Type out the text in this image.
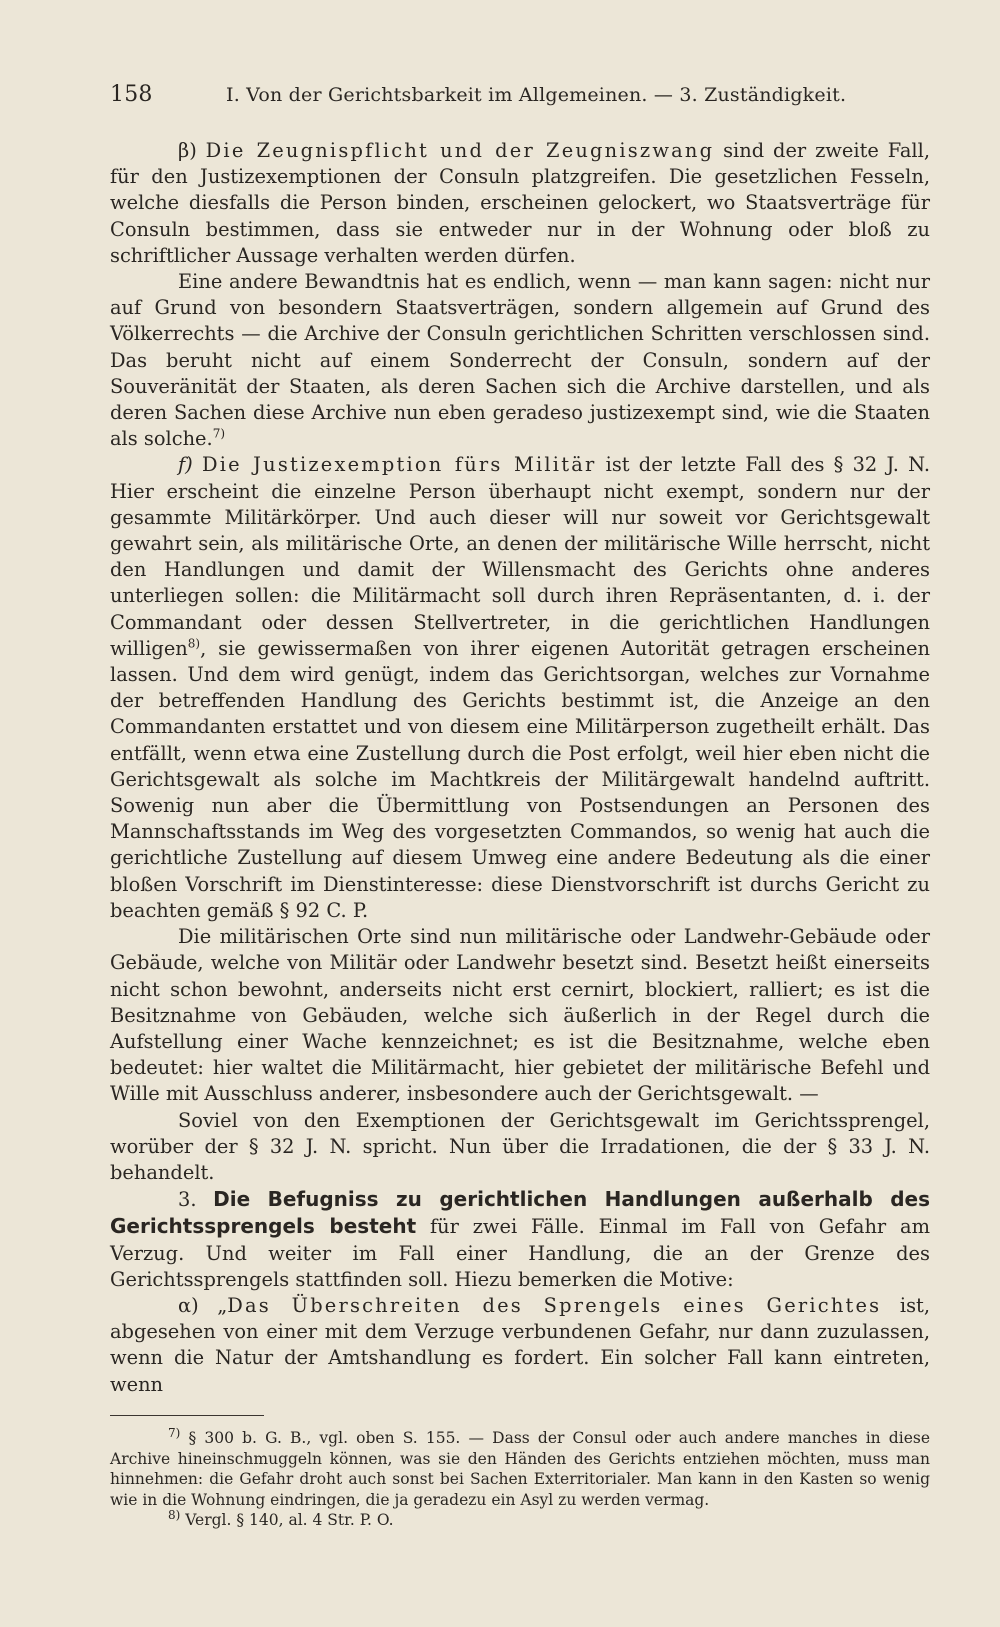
158	I. Von der Gerichtsbarkeit im Allgemeinen. — 3. Zuständigkeit.

β) Die Zeugnispflicht und der Zeugniszwang sind der zweite Fall, für den Justizexemptionen der Consuln platzgreifen. Die gesetzlichen Fesseln, welche diesfalls die Person binden, erscheinen gelockert, wo Staatsverträge für Consuln bestimmen, dass sie entweder nur in der Wohnung oder bloß zu schriftlicher Aussage verhalten werden dürfen.

Eine andere Bewandtnis hat es endlich, wenn — man kann sagen: nicht nur auf Grund von besondern Staatsverträgen, sondern allgemein auf Grund des Völkerrechts — die Archive der Consuln gerichtlichen Schritten verschlossen sind. Das beruht nicht auf einem Sonderrecht der Consuln, sondern auf der Souveränität der Staaten, als deren Sachen sich die Archive darstellen, und als deren Sachen diese Archive nun eben geradeso justizexempt sind, wie die Staaten als solche.$^{7)}$

f) Die Justizexemption fürs Militär ist der letzte Fall des § 32 J. N. Hier erscheint die einzelne Person überhaupt nicht exempt, sondern nur der gesammte Militärkörper. Und auch dieser will nur soweit vor Gerichtsgewalt gewahrt sein, als militärische Orte, an denen der militärische Wille herrscht, nicht den Handlungen und damit der Willensmacht des Gerichts ohne anderes unterliegen sollen: die Militärmacht soll durch ihren Repräsentanten, d. i. der Commandant oder dessen Stellvertreter, in die gerichtlichen Handlungen willigen$^{8)}$, sie gewissermaßen von ihrer eigenen Autorität getragen erscheinen lassen. Und dem wird genügt, indem das Gerichtsorgan, welches zur Vornahme der betreffenden Handlung des Gerichts bestimmt ist, die Anzeige an den Commandanten erstattet und von diesem eine Militärperson zugetheilt erhält. Das entfällt, wenn etwa eine Zustellung durch die Post erfolgt, weil hier eben nicht die Gerichtsgewalt als solche im Machtkreis der Militärgewalt handelnd auftritt. Sowenig nun aber die Übermittlung von Postsendungen an Personen des Mannschaftsstands im Weg des vorgesetzten Commandos, so wenig hat auch die gerichtliche Zustellung auf diesem Umweg eine andere Bedeutung als die einer bloßen Vorschrift im Dienstinteresse: diese Dienstvorschrift ist durchs Gericht zu beachten gemäß § 92 C. P.

Die militärischen Orte sind nun militärische oder Landwehr-Gebäude oder Gebäude, welche von Militär oder Landwehr besetzt sind. Besetzt heißt einerseits nicht schon bewohnt, anderseits nicht erst cernirt, blockiert, ralliert; es ist die Besitznahme von Gebäuden, welche sich äußerlich in der Regel durch die Aufstellung einer Wache kennzeichnet; es ist die Besitznahme, welche eben bedeutet: hier waltet die Militärmacht, hier gebietet der militärische Befehl und Wille mit Ausschluss anderer, insbesondere auch der Gerichtsgewalt. —

Soviel von den Exemptionen der Gerichtsgewalt im Gerichtssprengel, worüber der § 32 J. N. spricht. Nun über die Irradationen, die der § 33 J. N. behandelt.

3. Die Befugniss zu gerichtlichen Handlungen außerhalb des Gerichtssprengels besteht für zwei Fälle. Einmal im Fall von Gefahr am Verzug. Und weiter im Fall einer Handlung, die an der Grenze des Gerichtssprengels stattfinden soll. Hiezu bemerken die Motive:

α) „Das Überschreiten des Sprengels eines Gerichtes ist, abgesehen von einer mit dem Verzuge verbundenen Gefahr, nur dann zuzulassen, wenn die Natur der Amtshandlung es fordert. Ein solcher Fall kann eintreten, wenn

$^{7)}$ § 300 b. G. B., vgl. oben S. 155. — Dass der Consul oder auch andere manches in diese Archive hineinschmuggeln können, was sie den Händen des Gerichts entziehen möchten, muss man hinnehmen: die Gefahr droht auch sonst bei Sachen Exterritorialer. Man kann in den Kasten so wenig wie in die Wohnung eindringen, die ja geradezu ein Asyl zu werden vermag.

$^{8)}$ Vergl. § 140, al. 4 Str. P. O.
